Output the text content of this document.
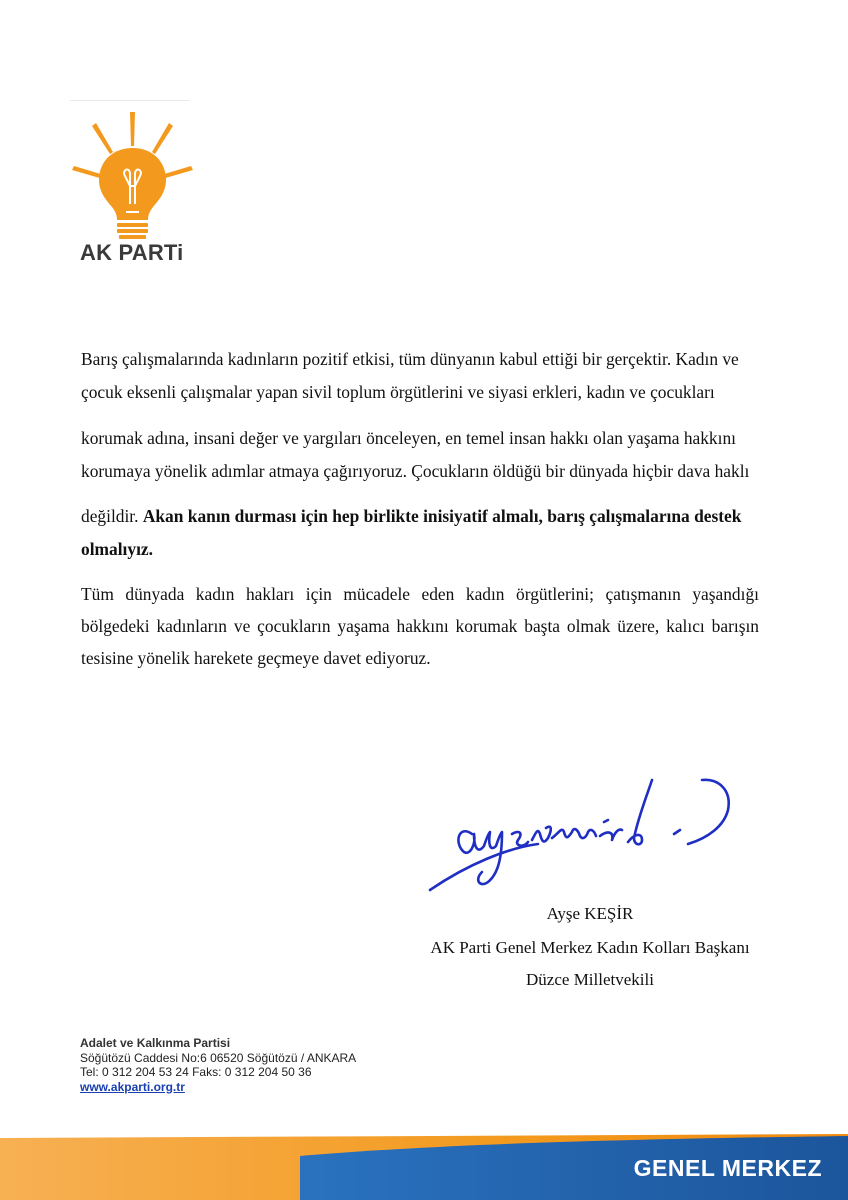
AK PARTi
Barış çalışmalarında kadınların pozitif etkisi, tüm dünyanın kabul ettiği bir gerçektir. Kadın ve
çocuk eksenli çalışmalar yapan sivil toplum örgütlerini ve siyasi erkleri, kadın ve çocukları
korumak adına, insani değer ve yargıları önceleyen, en temel insan hakkı olan yaşama hakkını
korumaya yönelik adımlar atmaya çağırıyoruz. Çocukların öldüğü bir dünyada hiçbir dava haklı
değildir. Akan kanın durması için hep birlikte inisiyatif almalı, barış çalışmalarına destek
olmalıyız.
Tüm dünyada kadın hakları için mücadele eden kadın örgütlerini; çatışmanın yaşandığı
bölgedeki kadınların ve çocukların yaşama hakkını korumak başta olmak üzere, kalıcı barışın
tesisine yönelik harekete geçmeye davet ediyoruz.
Ayşe KEŞİR
AK Parti Genel Merkez Kadın Kolları Başkanı
Düzce Milletvekili
Adalet ve Kalkınma Partisi
Söğütözü Caddesi No:6 06520 Söğütözü / ANKARA
Tel: 0 312 204 53 24 Faks: 0 312 204 50 36
www.akparti.org.tr
GENEL MERKEZ
